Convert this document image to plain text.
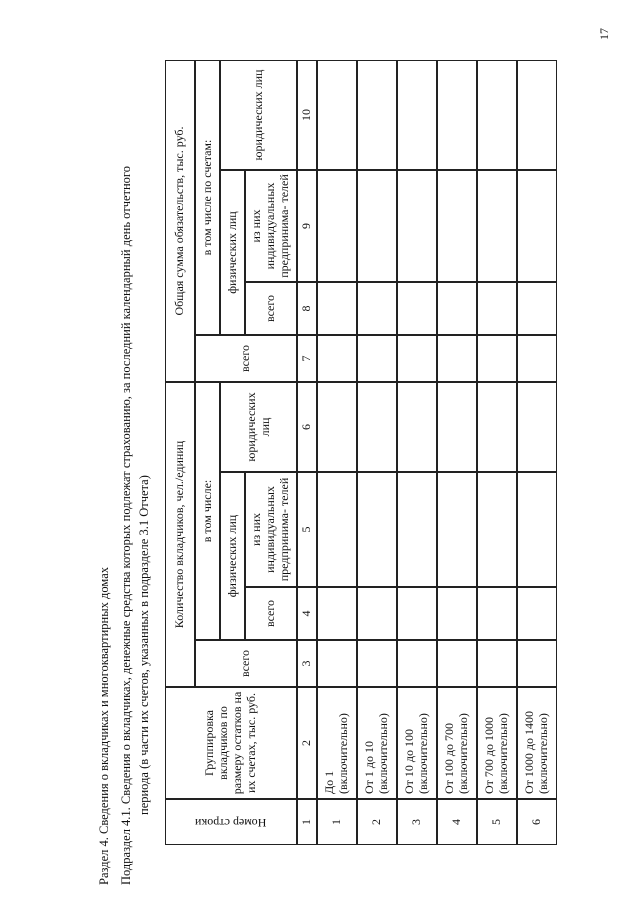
17
Раздел 4. Сведения о вкладчиках и многоквартирных домах Подраздел 4.1. Сведения о вкладчиках, денежные средства которых подлежат страхованию, за последний календарный день отчетного периода (в части их счетов, указанных в подразделе 3.1 Отчета)
Номер строки
Группировка вкладчиков по размеру остатков на их счетах, тыс. руб.
Количество вкладчиков, чел./единиц
всего
в том числе:
физических лиц
всего
из них индивидуальных предпринима- телей
юридических лиц
Общая сумма обязательств, тыс. руб.
всего
в том числе по счетам: физических лиц
всего
из них индивидуальных предпринима- телей
юридических лиц
1
2
3
4
5
6
7
8
9
10
1
До 1 (включительно)
2
От 1 до 10 (включительно)
3
От 10 до 100 (включительно)
4
От 100 до 700 (включительно)
5
От 700 до 1000 (включительно)
6
От 1000 до 1400 (включительно)
